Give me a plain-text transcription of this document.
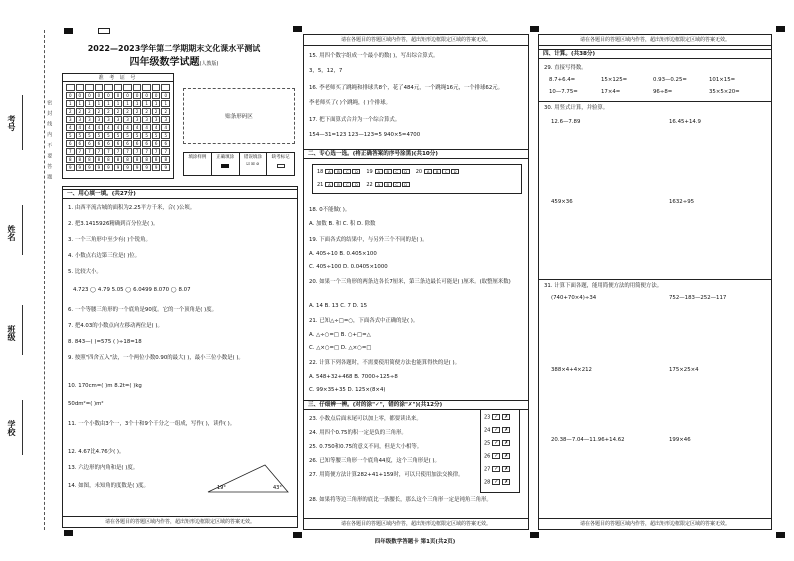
考号
姓名
班级
学校
密 封 线 内 不 要 答 题
2022—2023学年第二学期期末文化课水平测试
四年级数学试题(人教版)
准 考 证 号
0	0	0	0	0	0	0	0	0	0	0
1	1	1	1	1	1	1	1	1	1	1
2	2	2	2	2	2	2	2	2	2	2
3	3	3	3	3	3	3	3	3	3	3
4	4	4	4	4	4	4	4	4	4	4
5	5	5	5	5	5	5	5	5	5	5
6	6	6	6	6	6	6	6	6	6	6
7	7	7	7	7	7	7	7	7	7	7
8	8	8	8	8	8	8	8	8	8	8
9	9	9	9	9	9	9	9	9	9	9
贴条形码区
填涂样例	正确填涂	错误填涂
☑ ☒ ⊘
缺考标记

一、用心填一填。(共27分)
1. 由西平流古城的面积为2.25平方千米，合( )公顷。
2. 把3.1415926精确到百分位是( )。
3. 一个三角形中至少有( )个锐角。
4. 小数点右边第三位是( )位。
5. 比较大小。
4.723 ◯ 4.79 5.05 ◯ 6.0499 8.070 ◯ 8.07
6. 一个等腰三角形的一个底角是90度。它的一个顶角是( )度。
7. 把4.03的小数点向左移动两位是( )。
8. 843—( )=575 ( )÷18=18
9. 按照"四舍五入"法，一个两位小数0.90的最大( )，最小三位小数是( )。
10. 170cm=( )m 8.2t=( )kg
50dm²=( )m²
11. 一个小数由3个一，3个十和9个千分之一组成，写作( )，读作( )。
12. 4.67比4.76少( )。
13. 六边形的内角和是( )度。
14. 如图，未知角的度数是( )度。	19°	43°
请在各题目的答题区域内作答，超出矩形边框限定区域的答案无效。
请在各题目的答题区域内作答，超出矩形边框限定区域的答案无效。
15. 用四个数字组成一个最小的数( )，写出综合算式。
3，5，12，7
16. 李老师买了跳绳和排球共8个，花了484元，一个跳绳16元，一个排球62元。
李老师买了( )个跳绳，( )个排球。
17. 把下面算式合并为一个综合算式。
154—31=123 123—123=5 940×5=4700
二、专心选一选。(将正确答案的序号涂黑)(共10分)
18. 0不能做( )。
A. 加数 B. 和 C. 积 D. 除数
19. 下面各式的结果中，与另外三个不同的是( )。
A. 405÷10 B. 0.405×100
C. 405÷100 D. 0.0405×1000
20. 如果一个三角形的两条边各长7厘米，第三条边最长可能是( )厘米。(取整厘米数)
A. 14 B. 13 C. 7 D. 15
21. 已知△÷□=○，下面各式中正确的是( )。
A. △÷○=□ B. ○+□=△
C. △×○=□ D. △×○=□
22. 计算下列各题时，不需要使用简便方法也能算得快的是( )。
A. 548+32+468 B. 7000÷125÷8
C. 99×35+35 D. 125×(8×4)
三、仔细辨一辨。(对的涂"✓"，错的涂"✗")(共12分)
23. 小数点后面末尾可以加上零，都要读出来。
24. 用四个0.75的积一定是负的三角形。
25. 0.750和0.75的意义不同，但是大小相等。
26. 已知等腰三角形一个底角44度，这个三角形是( )。
27. 用简便方法计算282+41+159时，可以只使用加法交换律。
28. 如果将等边三角形的底比一条腰长，那么这个三角形一定是钝角三角形。
请在各题目的答题区域内作答，超出矩形边框限定区域的答案无效。
18 A B C D 19 A B C D 20 A B C D
21 A B C D 22 A B C D
23 ✓ ✗
24 ✓ ✗
25 ✓ ✗
26 ✓ ✗
27 ✓ ✗
28 ✓ ✗
请在各题目的答题区域内作答，超出矩形边框限定区域的答案无效。
四、计算。(共38分)
29. 直接写得数。
8.7+6.4=	15×125=	0.93—0.25=	101×15=
10—7.75=	17×4=	96÷8=	35×5×20=
30. 用竖式计算，并验算。
12.6—7.89	16.45+14.9
459×36	1632÷95
31. 计算下面各题，能用简便方法的用简便方法。
(740+70×4)÷34	752—183—252—117
388×4+4×212	175×25×4
20.38—7.04—11.96+14.62	199×46
请在各题目的答题区域内作答，超出矩形边框限定区域的答案无效。
四年级数学答题卡 第1页(共2页)
